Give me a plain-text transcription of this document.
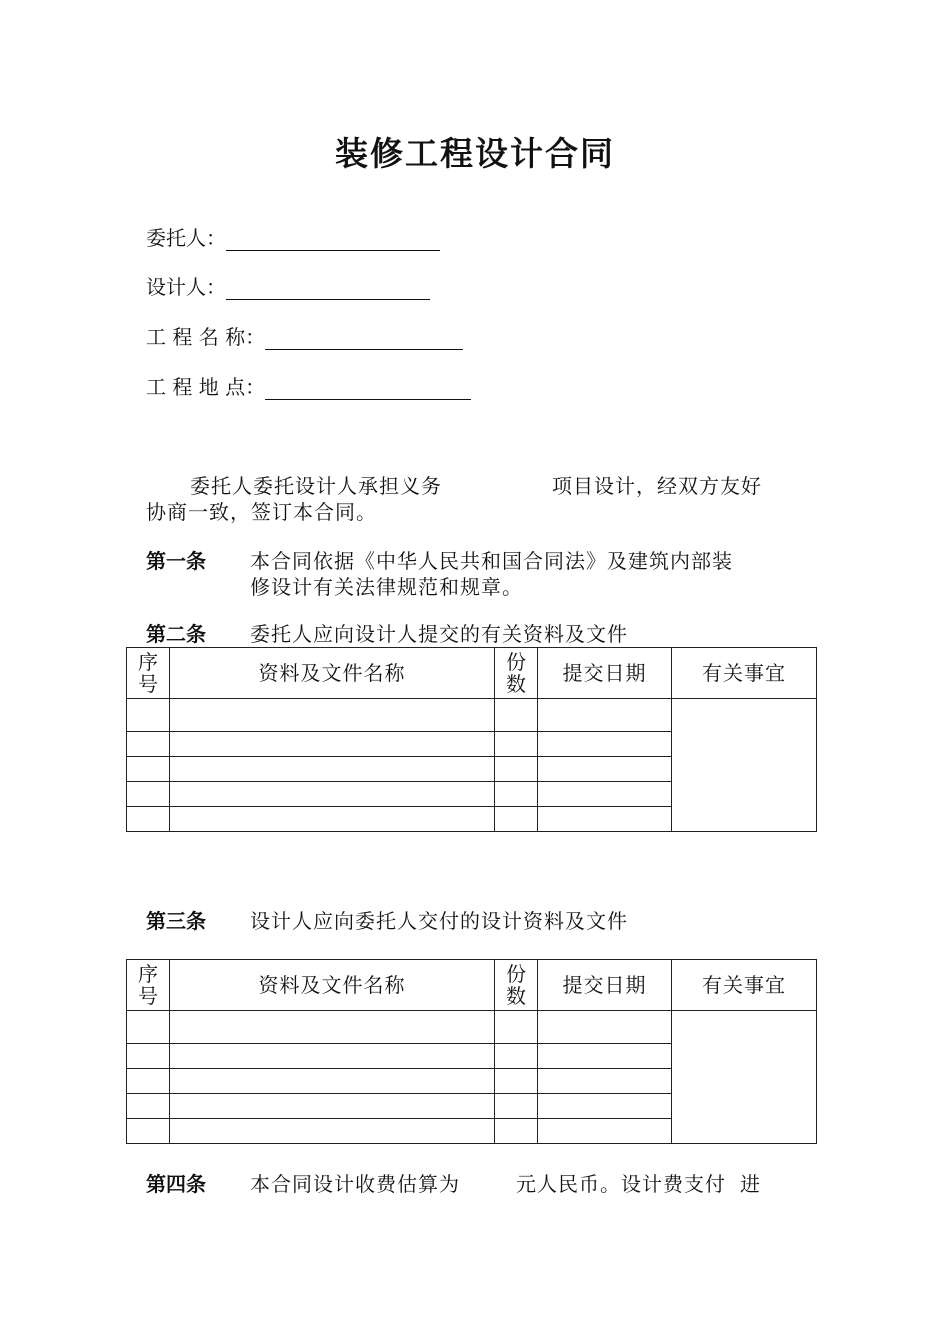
装修工程设计合同
委托人：
设计人：
工 程 名 称：
工 程 地 点：
委托人委托设计人承担义务	项目设计，经双方友好
协商一致，签订本合同。
第一条 本合同依据《中华人民共和国合同法》及建筑内部装
修设计有关法律规范和规章。
第二条 委托人应向设计人提交的有关资料及文件
序号	资料及文件名称	份数	提交日期	有关事宜

第三条 设计人应向委托人交付的设计资料及文件
序号	资料及文件名称	份数	提交日期	有关事宜

第四条 本合同设计收费估算为	元人民币。设计费支付 进
